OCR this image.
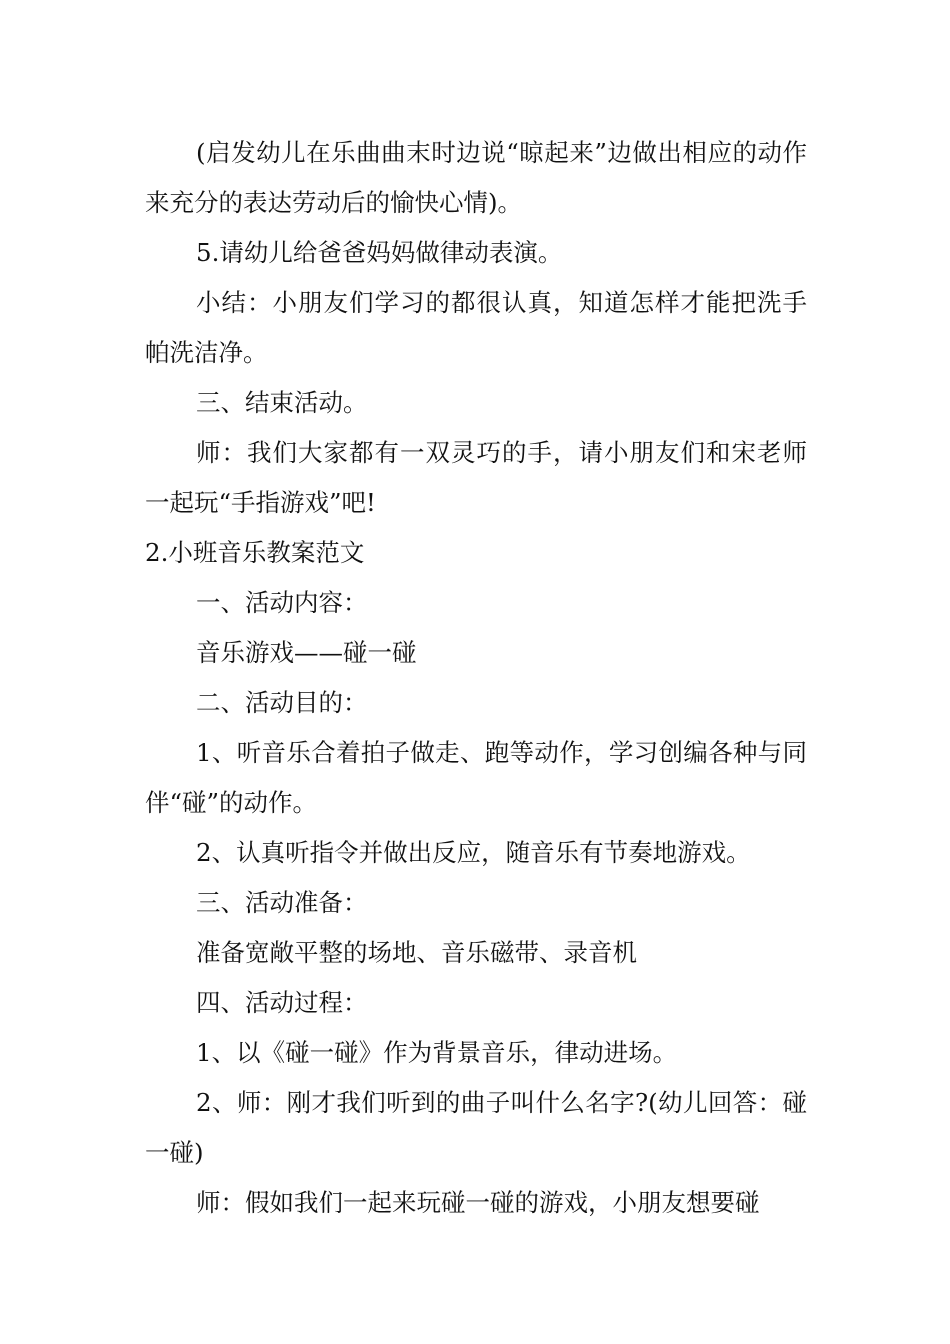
(启发幼儿在乐曲曲末时边说“晾起来”边做出相应的动作来充分的表达劳动后的愉快心情)。

5.请幼儿给爸爸妈妈做律动表演。

小结：小朋友们学习的都很认真，知道怎样才能把洗手帕洗洁净。

三、结束活动。

师：我们大家都有一双灵巧的手，请小朋友们和宋老师一起玩“手指游戏”吧!

2.小班音乐教案范文

一、活动内容：

音乐游戏——碰一碰

二、活动目的：

1、听音乐合着拍子做走、跑等动作，学习创编各种与同伴“碰”的动作。

2、认真听指令并做出反应，随音乐有节奏地游戏。

三、活动准备：

准备宽敞平整的场地、音乐磁带、录音机

四、活动过程：

1、以《碰一碰》作为背景音乐，律动进场。

2、师：刚才我们听到的曲子叫什么名字?(幼儿回答：碰一碰)

师：假如我们一起来玩碰一碰的游戏，小朋友想要碰
